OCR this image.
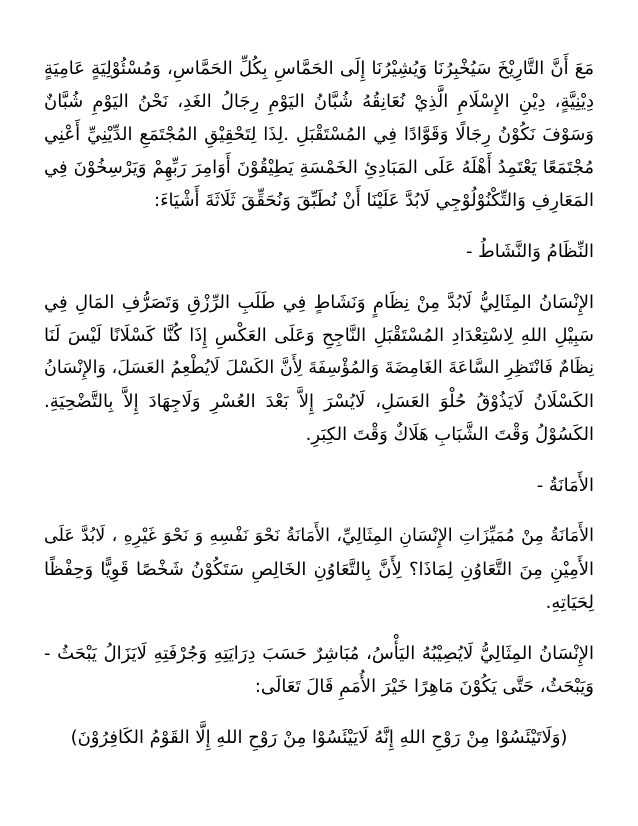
مَعَ أَنَّ التَّارِيْخَ سَيُخْبِرُنَا وَيُشِيْرُنَا إِلَى الحَمَّاسِ بِكُلِّ الحَمَّاسِ، وَمُسْئُوْلِيَةٍ عَامِيَةٍ
دِيْنِيَّةٍ، دِيْنِ الإِسْلَامِ الَّذِيْ نُعَانِقُهُ شُبَّانُ اليَوْمِ رِجَالُ الغَدِ، نَحْنُ اليَوْمِ شُبَّانٌ
وَسَوْفَ نَكُوْنُ رِجَالًا وَقَوَّادًا فِي المُسْتَقْبَلِ .لِذَا لِتَحْقِيْقِ المُجْتَمَعِ الدِّيْنِيِّ أَعْنِي
مُجْتَمَعًا يَعْتَمِدُ أَهْلَهُ عَلَى المَبَادِئِ الخَمْسَةِ يَطِيْقُوْنَ أَوَامِرَ رَبِّهِمْ وَيَرْسِخُوْنَ فِي
المَعَارِفِ وَالتِّكْنُوْلُوْجِي لَابُدَّ عَلَيْنَا أَنْ نُطَبِّقَ وَنُحَقِّقَ ثَلَاثَةَ أَشْيَاءَ:

النِّظَامُ وَالنَّشَاطُ -

الإِنْسَانُ المِثَالِيُّ لَابُدَّ مِنْ نِظَامٍ وَنَشَاطٍ فِي طَلَبِ الرِّزْقِ وَتَصَرُّفِ المَالِ فِي
سَبِيْلِ اللهِ لِاسْتِعْدَادِ المُسْتَقْبَلِ النَّاجِحِ وَعَلَى العَكْسِ إِذَا كُنَّا كَسْلَانًا لَيْسَ لَنَا
نِظَامٌ فَانْتَظِرِ السَّاعَةَ الغَامِضَةَ وَالمُؤْسِفَةَ لِأَنَّ الكَسْلَ لَايُطْعِمُ العَسَلَ، وَالإِنْسَانُ
الكَسْلَانُ لَايَذُوْقُ حُلْوَ العَسَلِ، لَايُسْرَ إِلاَّ بَعْدَ العُسْرِ وَلَاجِهَادَ إِلاَّ بِالتَّضْحِيَةِ.
الكَسُوْلُ وَقْتَ الشَّبَابِ هَلَاكٌ وَقْتَ الكِبَرِ.

الأَمَانَةُ -

الأَمَانَةُ مِنْ مُمَيِّزَاتِ الإِنْسَانِ المِثَالِيِّ، الأَمَانَةُ نَحْوَ نَفْسِهِ وَ نَحْوَ غَيْرِهِ ، لَابُدَّ عَلَى
الأَمِيْنِ مِنَ التَّعَاوُنِ لِمَاذَا؟ لِأَنَّ بِالتَّعَاوُنِ الخَالِصِ سَتَكُوْنُ شَخْصًا قَوِيًّا وَحِفْظًا
لِحَيَاتِهِ.

الإِنْسَانُ المِثَالِيُّ لَايُصِيْبُهُ اليَأْسُ، مُبَاشِرٌ حَسَبَ دِرَايَتِهِ وَجُرْفَتِهِ لَايَزَالُ يَبْحَثُ -
وَيَبْحَثُ، حَتَّى يَكُوْنَ مَاهِرًا خَيْرَ الأُمَمِ قَالَ تَعَالَى:

(وَلَاتَيْئَسُوْا مِنْ رَوْحِ اللهِ إِنَّهُ لَايَيْئَسُوْا مِنْ رَوْحِ اللهِ إِلَّا القَوْمُ الكَافِرُوْنَ)
